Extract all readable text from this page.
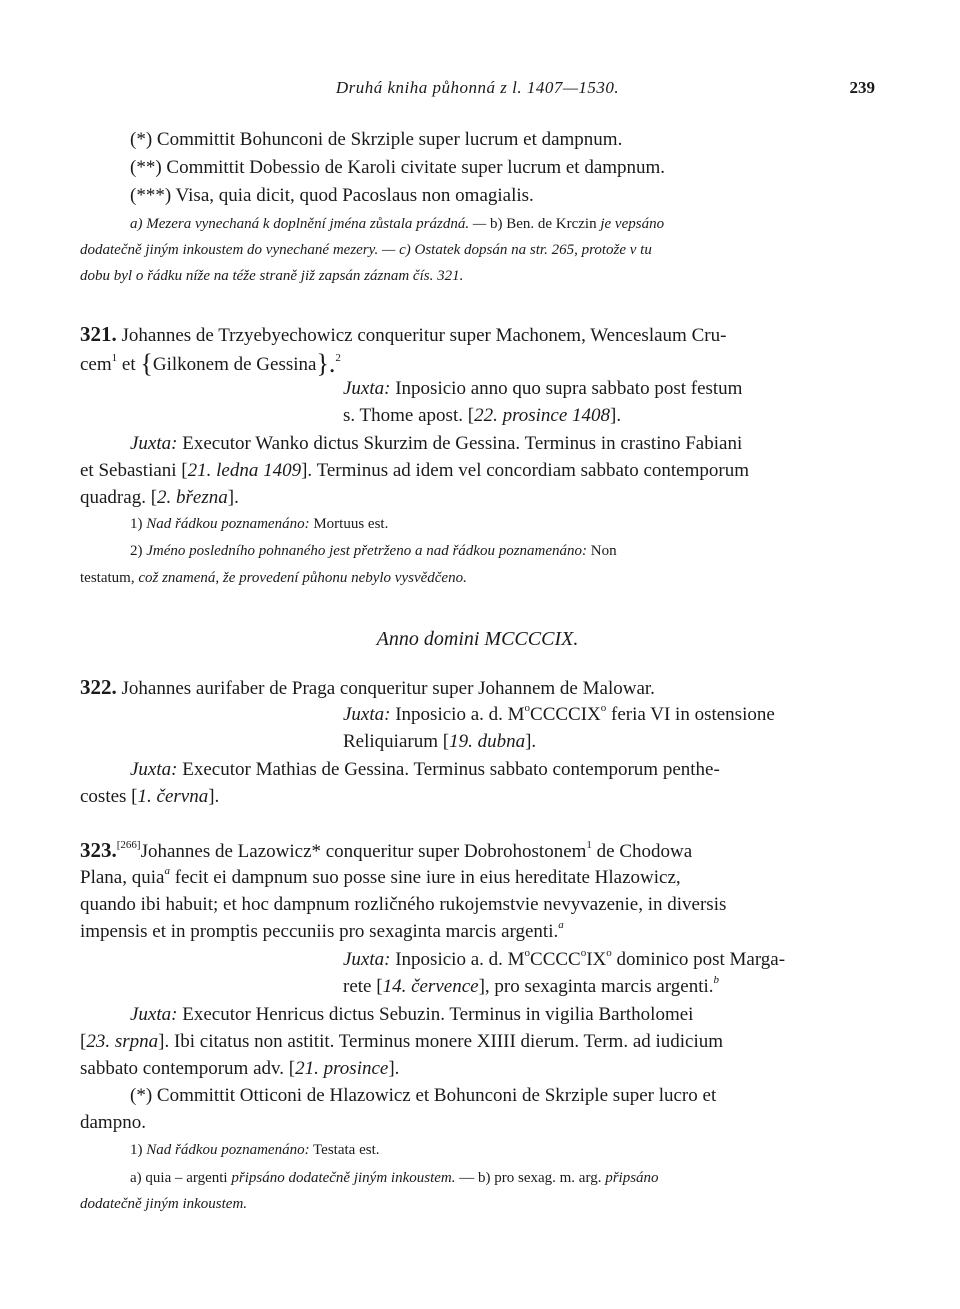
Druhá kniha půhonná z l. 1407—1530.	239
(*) Committit Bohunconi de Skrziple super lucrum et dampnum.
(**) Committit Dobessio de Karoli civitate super lucrum et dampnum.
(***) Visa, quia dicit, quod Pacoslaus non omagialis.
a) Mezera vynechaná k doplnění jména zůstala prázdná. — b) Ben. de Krczin je vepsáno
dodatečně jiným inkoustem do vynechané mezery. — c) Ostatek dopsán na str. 265, protože v tu
dobu byl o řádku níže na téže straně již zapsán záznam čís. 321.
321. Johannes de Trzyebyechowicz conqueritur super Machonem, Wenceslaum Cru-
cem$^1$ et {Gilkonem de Gessina}.$^2$
Juxta: Inposicio anno quo supra sabbato post festum
s. Thome apost. [22. prosince 1408].
Juxta: Executor Wanko dictus Skurzim de Gessina. Terminus in crastino Fabiani
et Sebastiani [21. ledna 1409]. Terminus ad idem vel concordiam sabbato contemporum
quadrag. [2. března].
1) Nad řádkou poznamenáno: Mortuus est.
2) Jméno posledního pohnaného jest přetrženo a nad řádkou poznamenáno: Non
testatum, což znamená, že provedení půhonu nebylo vysvědčeno.
Anno domini MCCCCIX.
322. Johannes aurifaber de Praga conqueritur super Johannem de Malowar.
Juxta: Inposicio a. d. $M^oCCCCIX^o$ feria VI in ostensione
Reliquiarum [19. dubna].
Juxta: Executor Mathias de Gessina. Terminus sabbato contemporum penthe-
costes [1. června].
323.[266]Johannes de Lazowicz* conqueritur super Dobrohostonem$^1$ de Chodowa
Plana, quia$^a$ fecit ei dampnum suo posse sine iure in eius hereditate Hlazowicz,
quando ibi habuit; et hoc dampnum rozličného rukojemstvie nevyvazenie, in diversis
impensis et in promptis peccuniis pro sexaginta marcis argenti.$^a$
Juxta: Inposicio a. d. $M^oCCCC^oIX^o$ dominico post Marga-
rete [14. července], pro sexaginta marcis argenti.$^b$
Juxta: Executor Henricus dictus Sebuzin. Terminus in vigilia Bartholomei
[23. srpna]. Ibi citatus non astitit. Terminus monere XIIII dierum. Term. ad iudicium
sabbato contemporum adv. [21. prosince].
(*) Committit Otticoni de Hlazowicz et Bohunconi de Skrziple super lucro et
dampno.
1) Nad řádkou poznamenáno: Testata est.
a) quia – argenti připsáno dodatečně jiným inkoustem. — b) pro sexag. m. arg. připsáno
dodatečně jiným inkoustem.
